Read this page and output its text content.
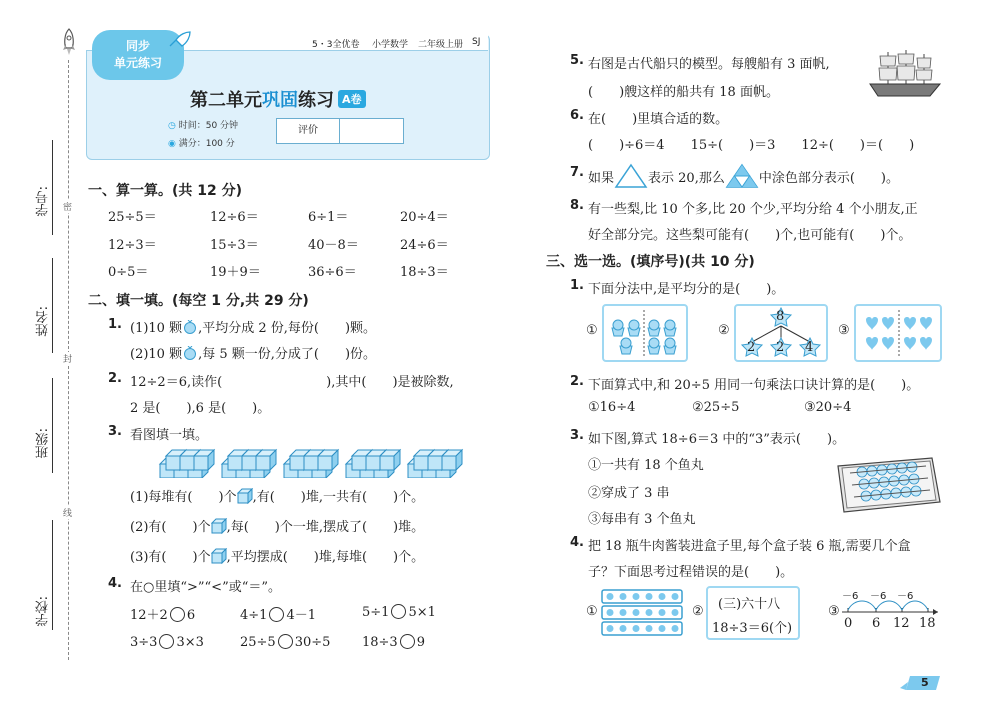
学号:
姓名:
班级:
学校:
密
封
线
5・3全优卷 小学数学 二年级上册 SJ
同步
单元练习
第二单元巩固练习 A卷
◷ 时间：50 分钟
◉ 满分：100 分
评价
一、算一算。(共 12 分)
25÷5＝	12÷6＝	6÷1＝	20÷4＝
12÷3＝	15÷3＝	40－8＝	24÷6＝
0÷5＝	19＋9＝	36÷6＝	18÷3＝
二、填一填。(每空 1 分,共 29 分)
1. (1)10 颗 ,平均分成 2 份,每份(　　)颗。
(2)10 颗 ,每 5 颗一份,分成了(　　)份。
2. 12÷2＝6,读作(　　　　　　　　),其中(　　)是被除数,
2 是(　　),6 是(　　)。
3. 看图填一填。
(1)每堆有(　　)个 ,有(　　)堆,一共有(　　)个。
(2)有(　　)个 ,每(　　)个一堆,摆成了(　　)堆。
(3)有(　　)个 ,平均摆成(　　)堆,每堆(　　)个。
4. 在○里填“>”“<”或“＝”。
12＋2 6	4÷1 4－1	5÷1 5×1
3÷3 3×3	25÷5 30÷5 18÷3 9
5. 右图是古代船只的模型。每艘船有 3 面帆,
(　　)艘这样的船共有 18 面帆。
6. 在(　　)里填合适的数。
(　　)÷6＝4　　15÷(　　)＝3　　12÷(　　)＝(　　)
7. 如果	表示 20,那么	中涂色部分表示(　　)。
8. 有一些梨,比 10 个多,比 20 个少,平均分给 4 个小朋友,正
好全部分完。这些梨可能有(　　)个,也可能有(　　)个。
三、选一选。(填序号)(共 10 分)
1. 下面分法中,是平均分的是(　　)。
①	②
8
2 2 4
③
2. 下面算式中,和 20÷5 用同一句乘法口诀计算的是(　　)。
①16÷4	②25÷5	③20÷4
3. 如下图,算式 18÷6＝3 中的“3”表示(　　)。
①一共有 18 个鱼丸
②穿成了 3 串
③每串有 3 个鱼丸
4. 把 18 瓶牛肉酱装进盒子里,每个盒子装 6 瓶,需要几个盒
子？下面思考过程错误的是(　　)。
①	② (三)六十八
18÷3＝6(个)
③
－6 －6 －6
0 6 12 18
5
